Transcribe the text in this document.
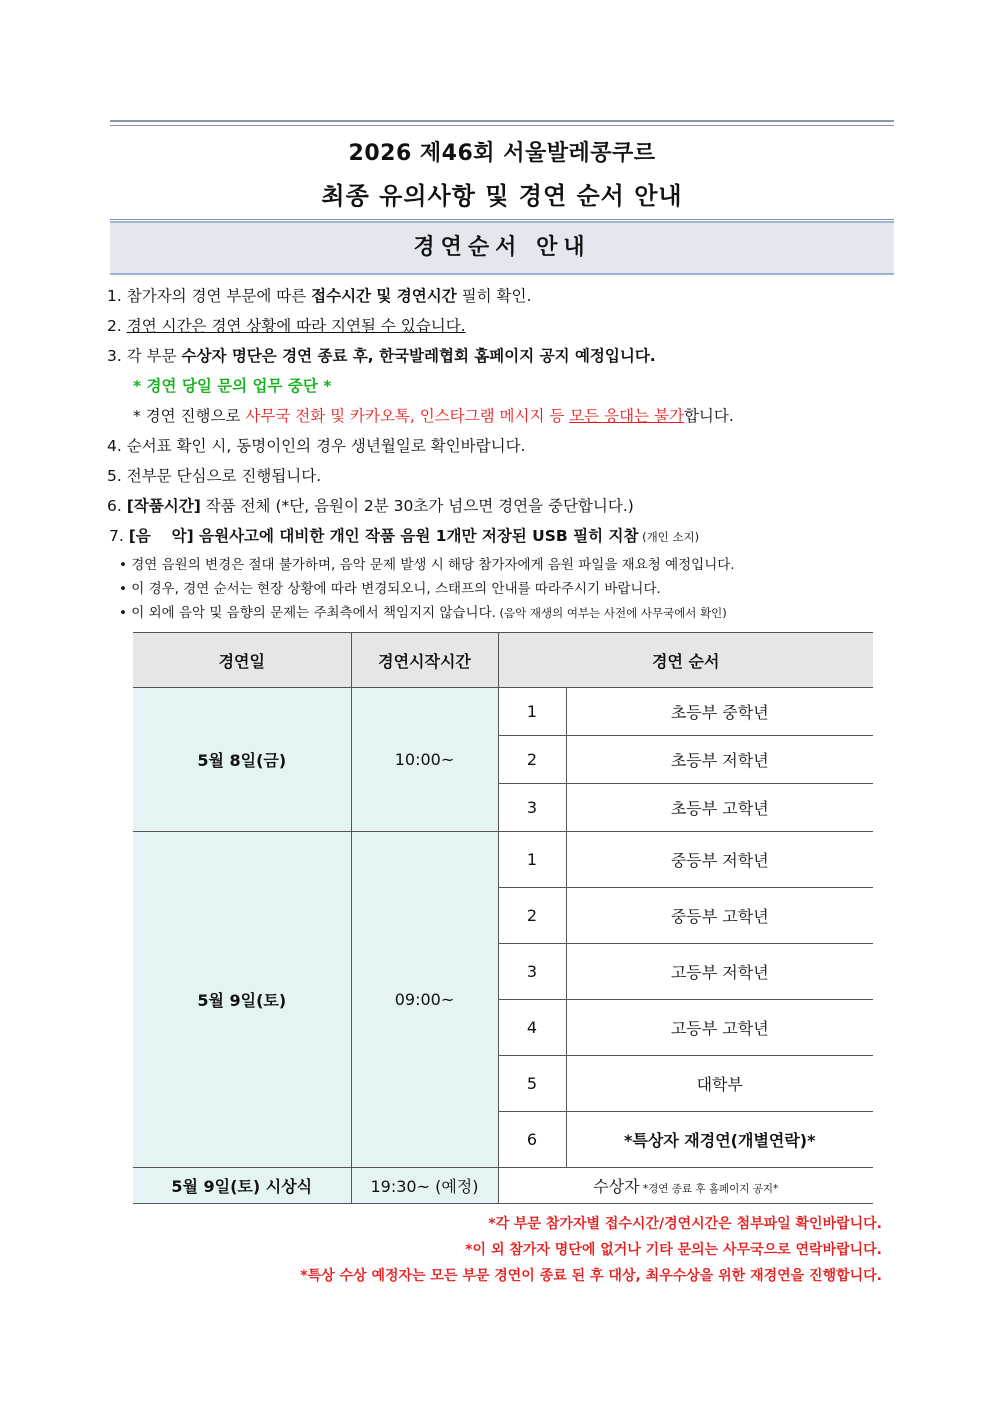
2026 제46회 서울발레콩쿠르
최종 유의사항 및 경연 순서 안내
경연순서 안내
1. 참가자의 경연 부문에 따른 접수시간 및 경연시간 필히 확인.
2. 경연 시간은 경연 상황에 따라 지연될 수 있습니다.
3. 각 부문 수상자 명단은 경연 종료 후, 한국발레협회 홈페이지 공지 예정입니다.
* 경연 당일 문의 업무 중단 *
* 경연 진행으로 사무국 전화 및 카카오톡, 인스타그램 메시지 등 모든 응대는 불가합니다.
4. 순서표 확인 시, 동명이인의 경우 생년월일로 확인바랍니다.
5. 전부문 단심으로 진행됩니다.
6. [작품시간] 작품 전체 (*단, 음원이 2분 30초가 넘으면 경연을 중단합니다.)
7. [음　 악] 음원사고에 대비한 개인 작품 음원 1개만 저장된 USB 필히 지참 (개인 소지)
• 경연 음원의 변경은 절대 불가하며, 음악 문제 발생 시 해당 참가자에게 음원 파일을 재요청 예정입니다.
• 이 경우, 경연 순서는 현장 상황에 따라 변경되오니, 스태프의 안내를 따라주시기 바랍니다.
• 이 외에 음악 및 음향의 문제는 주최측에서 책임지지 않습니다. (음악 재생의 여부는 사전에 사무국에서 확인)
경연일	경연시작시간	경연 순서	
5월 8일(금)	10:00~	1	초등부 중학년
		2	초등부 저학년
		3	초등부 고학년
5월 9일(토)	09:00~	1	중등부 저학년
		2	중등부 고학년
		3	고등부 저학년
		4	고등부 고학년
		5	대학부
		6	*특상자 재경연(개별연락)*
5월 9일(토) 시상식	19:30~ (예정)	수상자 *경연 종료 후 홈페이지 공지*	
*각 부문 참가자별 접수시간/경연시간은 첨부파일 확인바랍니다.
*이 외 참가자 명단에 없거나 기타 문의는 사무국으로 연락바랍니다.
*특상 수상 예정자는 모든 부문 경연이 종료 된 후 대상, 최우수상을 위한 재경연을 진행합니다.
